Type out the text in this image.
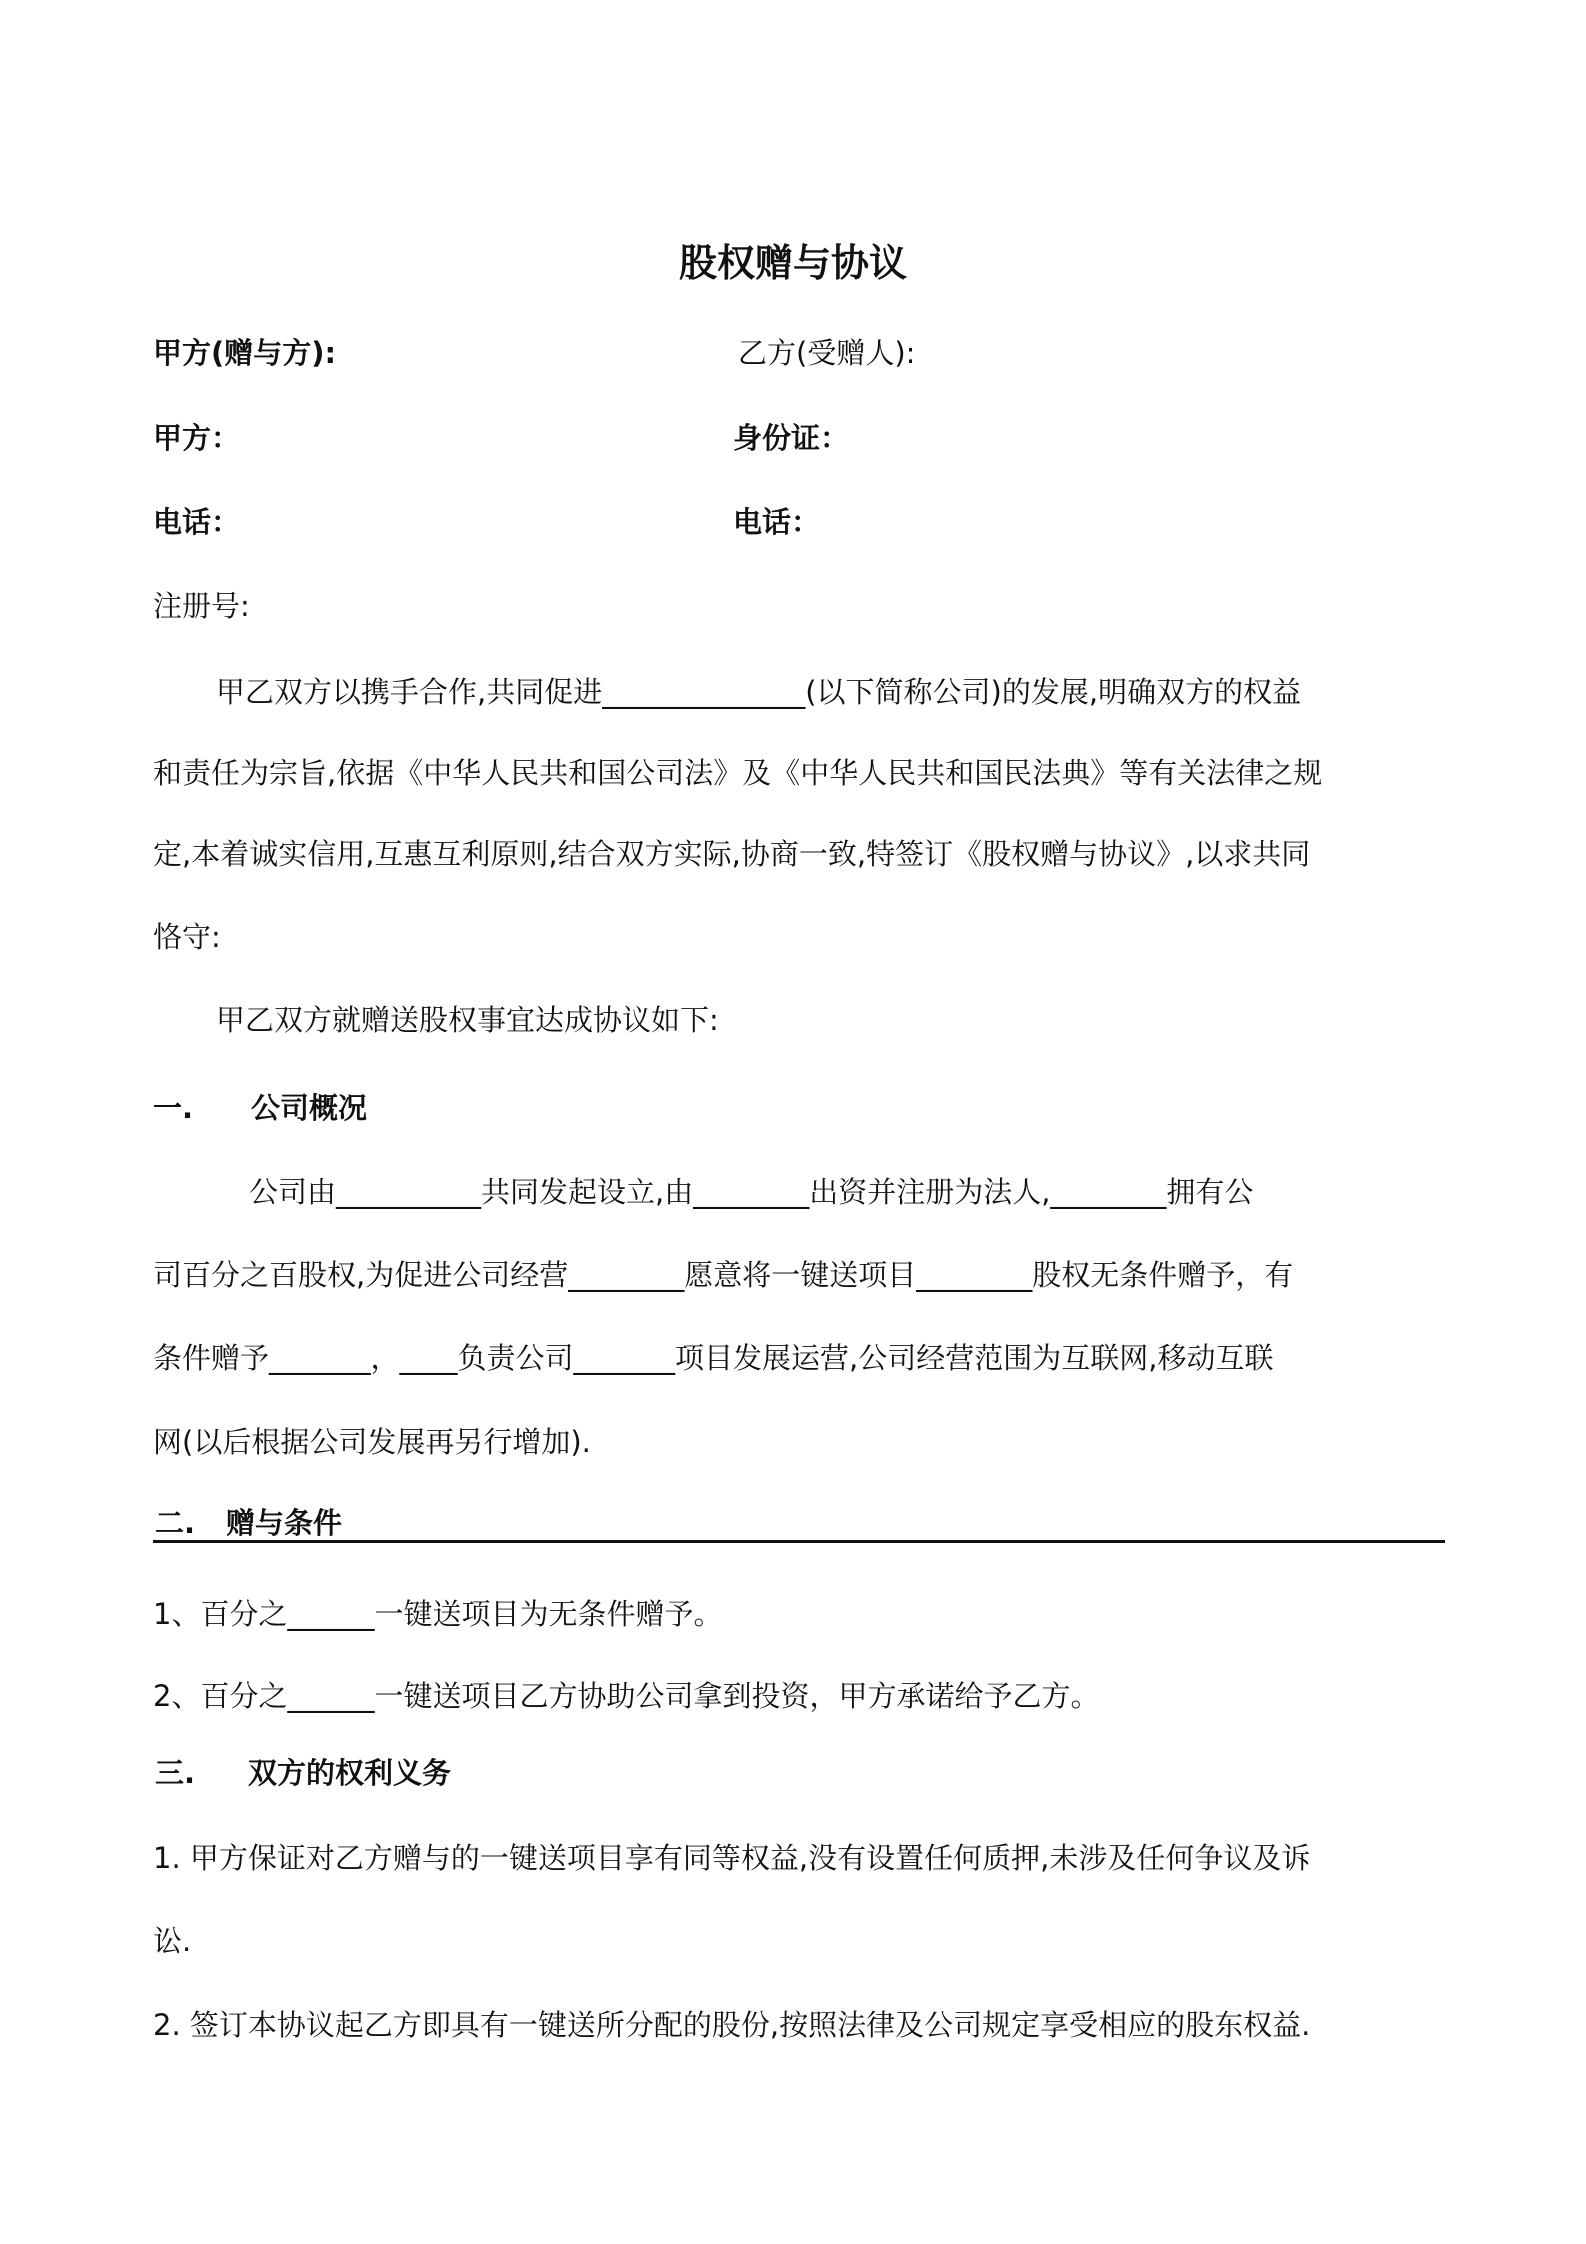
股权赠与协议
甲方(赠与方):	乙方(受赠人):
甲方：	身份证：
电话：	电话：
注册号:
甲乙双方以携手合作,共同促进______________(以下简称公司)的发展,明确双方的权益
和责任为宗旨,依据《中华人民共和国公司法》及《中华人民共和国民法典》等有关法律之规
定,本着诚实信用,互惠互利原则,结合双方实际,协商一致,特签订《股权赠与协议》,以求共同
恪守:
甲乙双方就赠送股权事宜达成协议如下:
一. 公司概况
公司由__________共同发起设立,由________出资并注册为法人,________拥有公
司百分之百股权,为促进公司经营________愿意将一键送项目________股权无条件赠予，有
条件赠予_______，____负责公司_______项目发展运营,公司经营范围为互联网,移动互联
网(以后根据公司发展再另行增加).
二. 赠与条件
1、百分之______一键送项目为无条件赠予。
2、百分之______一键送项目乙方协助公司拿到投资，甲方承诺给予乙方。
三. 双方的权利义务
1. 甲方保证对乙方赠与的一键送项目享有同等权益,没有设置任何质押,未涉及任何争议及诉
讼.
2. 签订本协议起乙方即具有一键送所分配的股份,按照法律及公司规定享受相应的股东权益.
